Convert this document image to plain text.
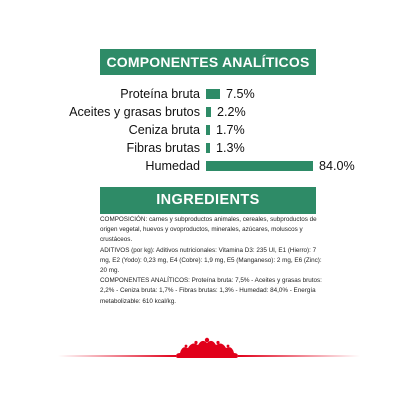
COMPONENTES ANALÍTICOS
Proteína bruta 7.5%
Aceites y grasas brutos 2.2%
Ceniza bruta 1.7%
Fibras brutas 1.3%
Humedad	84.0%
INGREDIENTS

COMPOSICIÓN: carnes y subproductos animales, cereales, subproductos de origen vegetal, huevos y ovoproductos, minerales, azúcares, moluscos y crustáceos.

ADITIVOS (por kg): Aditivos nutricionales: Vitamina D3: 235 UI, E1 (Hierro): 7 mg, E2 (Yodo): 0,23 mg, E4 (Cobre): 1,9 mg, E5 (Manganeso): 2 mg, E6 (Zinc): 20 mg.

COMPONENTES ANALÍTICOS: Proteína bruta: 7,5% - Aceites y grasas brutos: 2,2% - Ceniza bruta: 1,7% - Fibras brutas: 1,3% - Humedad: 84,0% - Energía metabolizable: 610 kcal/kg.
